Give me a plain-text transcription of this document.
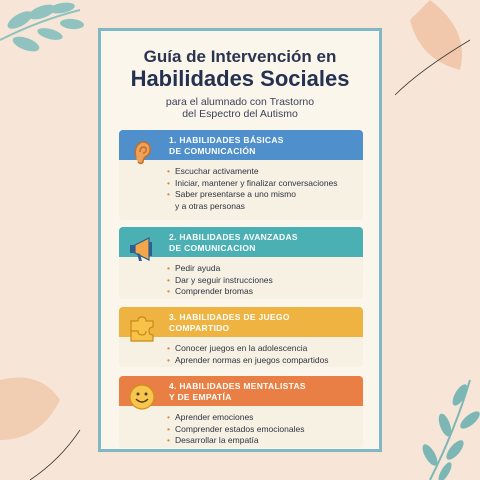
Guía de Intervención en
Habilidades Sociales
para el alumnado con Trastorno
del Espectro del Autismo
1. HABILIDADES BÁSICAS
DE COMUNICACIÓN
• Escuchar activamente
• Iniciar, mantener y finalizar conversaciones
• Saber presentarse a uno mismo
y a otras personas
2. HABILIDADES AVANZADAS
DE COMUNICACION
• Pedir ayuda
• Dar y seguir instrucciones
• Comprender bromas
3. HABILIDADES DE JUEGO
COMPARTIDO
• Conocer juegos en la adolescencia
• Aprender normas en juegos compartidos
4. HABILIDADES MENTALISTAS
Y DE EMPATÍA
• Aprender emociones
• Comprender estados emocionales
• Desarrollar la empatía
